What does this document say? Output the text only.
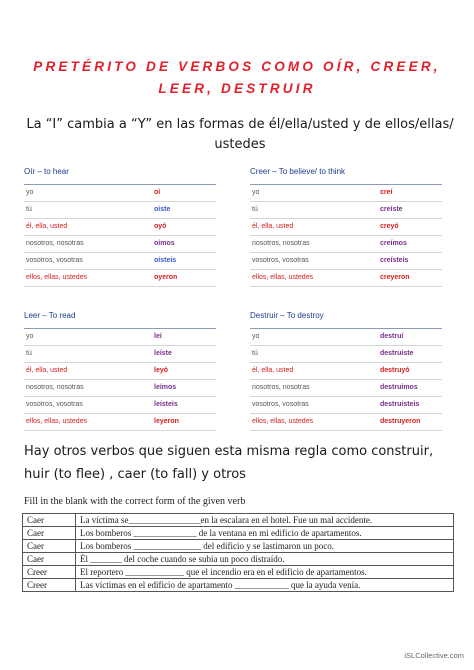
PRETÉRITO DE VERBOS COMO OÍR, CREER,
LEER, DESTRUIR
La “I” cambia a “Y” en las formas de él/ella/usted y de ellos/ellas/
ustedes
Oír – to hear
yo	oí
tú	oiste
él, ella, usted	oyó
nosotros, nosotras	oímos
vosotros, vosotras	oísteis
ellos, ellas, ustedes	oyeron
Creer – To believe/ to think
yo	creí
tú	creíste
él, ella, usted	creyó
nosotros, nosotras	creímos
vosotros, vosotras	creísteis
ellos, ellas, ustedes	creyeron
Leer – To read
yo	leí
tú	leíste
él, ella, usted	leyó
nosotros, nosotras	leímos
vosotros, vosotras	leísteis
ellos, ellas, ustedes	leyeron
Destruir – To destroy
yo	destruí
tú	destruiste
él, ella, usted	destruyó
nosotros, nosotras	destruimos
vosotros, vosotras	destruisteis
ellos, ellas, ustedes	destruyeron
Hay otros verbos que siguen esta misma regla como construir,
huir (to flee) , caer (to fall) y otros
Fill in the blank with the correct form of the given verb
Caer	La víctima se________________en la escalara en el hotel. Fue un mal accidente.
Caer	Los bomberos ______________ de la ventana en mi edificio de apartamentos.
Caer	Los bomberos _______________ del edificio y se lastimaron un poco.
Caer	Él _______ del coche cuando se subía un poco distraído.
Creer	El reportero _____________ que el incendio era en el edificio de apartamentos.
Creer	Las víctimas en el edificio de apartamento ____________ que la ayuda venía.
iSLCollective.com
